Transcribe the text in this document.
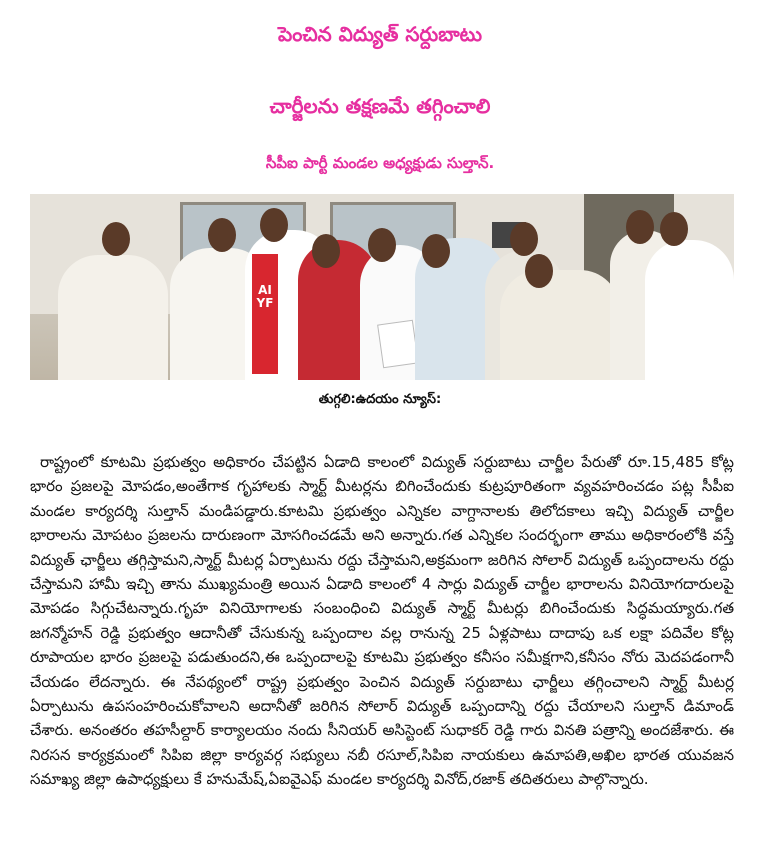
పెంచిన విద్యుత్ సర్దుబాటు
చార్జీలను తక్షణమే తగ్గించాలి
సీపీఐ పార్టీ మండల అధ్యక్షుడు సుల్తాన్.
AIYF
తుగ్గలి:ఉదయం న్యూస్:
రాష్ట్రంలో కూటమి ప్రభుత్వం అధికారం చేపట్టిన ఏడాది కాలంలో విద్యుత్ సర్దుబాటు చార్జీల పేరుతో రూ.15,485 కోట్ల భారం ప్రజలపై మోపడం,అంతేగాక గృహాలకు స్మార్ట్ మీటర్లను బిగించేందుకు కుట్రపూరితంగా వ్యవహరించడం పట్ల సీపీఐ మండల కార్యదర్శి సుల్తాన్ మండిపడ్డారు.కూటమి ప్రభుత్వం ఎన్నికల వాగ్దానాలకు తిలోదకాలు ఇచ్చి విద్యుత్ చార్జీల భారాలను మోపటం ప్రజలను దారుణంగా మోసగించడమే అని అన్నారు.గత ఎన్నికల సందర్భంగా తాము అధికారంలోకి వస్తే విద్యుత్ ఛార్జీలు తగ్గిస్తామని,స్మార్ట్ మీటర్ల ఏర్పాటును రద్దు చేస్తామని,అక్రమంగా జరిగిన సోలార్ విద్యుత్ ఒప్పందాలను రద్దు చేస్తామని హామీ ఇచ్చి తాను ముఖ్యమంత్రి అయిన ఏడాది కాలంలో 4 సార్లు విద్యుత్ చార్జీల భారాలను వినియోగదారులపై మోపడం సిగ్గుచేటన్నారు.గృహ వినియోగాలకు సంబంధించి విద్యుత్ స్మార్ట్ మీటర్లు బిగించేందుకు సిద్ధమయ్యారు.గత జగన్మోహన్ రెడ్డి ప్రభుత్వం ఆదానీతో చేసుకున్న ఒప్పందాల వల్ల రానున్న 25 ఏళ్లపాటు దాదాపు ఒక లక్షా పదివేల కోట్ల రూపాయల భారం ప్రజలపై పడుతుందని,ఈ ఒప్పందాలపై కూటమి ప్రభుత్వం కనీసం సమీక్షగాని,కనీసం నోరు మెదపడంగానీ చేయడం లేదన్నారు. ఈ నేపథ్యంలో రాష్ట్ర ప్రభుత్వం పెంచిన విద్యుత్ సర్దుబాటు ఛార్జీలు తగ్గించాలని స్మార్ట్ మీటర్ల ఏర్పాటును ఉపసంహరించుకోవాలని అదానీతో జరిగిన సోలార్ విద్యుత్ ఒప్పందాన్ని రద్దు చేయాలని సుల్తాన్ డిమాండ్ చేశారు. అనంతరం తహసీల్దార్ కార్యాలయం నందు సీనియర్ అసిస్టెంట్ సుధాకర్ రెడ్డి గారు వినతి పత్రాన్ని అందజేశారు. ఈ నిరసన కార్యక్రమంలో సిపిఐ జిల్లా కార్యవర్గ సభ్యులు నబీ రసూల్,సిపిఐ నాయకులు ఉమాపతి,అఖిల భారత యువజన సమాఖ్య జిల్లా ఉపాధ్యక్షులు కే హనుమేష్,ఏఐవైఎఫ్ మండల కార్యదర్శి వినోద్,రజాక్ తదితరులు పాల్గొన్నారు.
